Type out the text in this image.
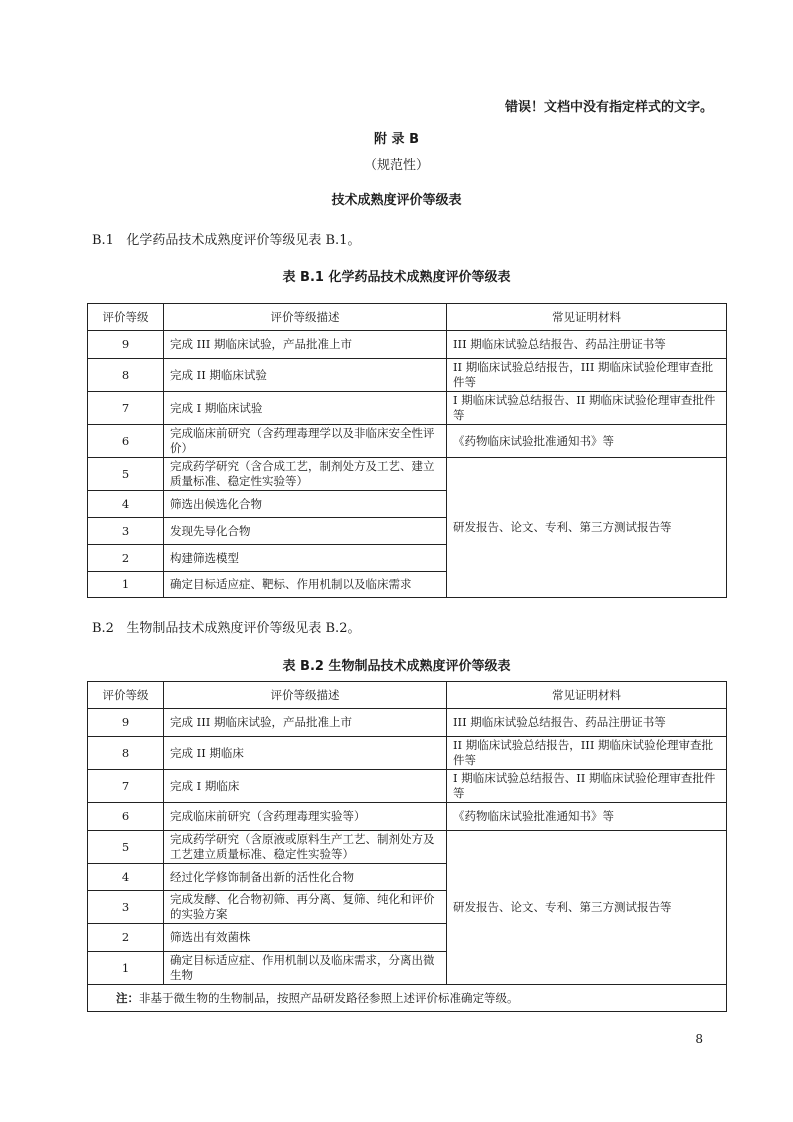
错误！文档中没有指定样式的文字。
附 录 B
（规范性）
技术成熟度评价等级表
B.1 化学药品技术成熟度评价等级见表 B.1。
表 B.1 化学药品技术成熟度评价等级表
评价等级	评价等级描述	常见证明材料
9	完成 III 期临床试验，产品批准上市	III 期临床试验总结报告、药品注册证书等
8	完成 II 期临床试验	II 期临床试验总结报告，III 期临床试验伦理审查批件等
7	完成 I 期临床试验	I 期临床试验总结报告、II 期临床试验伦理审查批件等
6	完成临床前研究（含药理毒理学以及非临床安全性评价）	《药物临床试验批准通知书》等
5	完成药学研究（含合成工艺，制剂处方及工艺、建立质量标准、稳定性实验等）	研发报告、论文、专利、第三方测试报告等
4	筛选出候选化合物	
3	发现先导化合物	
2	构建筛选模型	
1	确定目标适应症、靶标、作用机制以及临床需求	
B.2 生物制品技术成熟度评价等级见表 B.2。
表 B.2 生物制品技术成熟度评价等级表
评价等级	评价等级描述	常见证明材料
9	完成 III 期临床试验，产品批准上市	III 期临床试验总结报告、药品注册证书等
8	完成 II 期临床	II 期临床试验总结报告，III 期临床试验伦理审查批件等
7	完成 I 期临床	I 期临床试验总结报告、II 期临床试验伦理审查批件等
6	完成临床前研究（含药理毒理实验等）	《药物临床试验批准通知书》等
5	完成药学研究（含原液或原料生产工艺、制剂处方及工艺建立质量标准、稳定性实验等）	研发报告、论文、专利、第三方测试报告等
4	经过化学修饰制备出新的活性化合物	
3	完成发酵、化合物初筛、再分离、复筛、纯化和评价的实验方案	
2	筛选出有效菌株	
1	确定目标适应症、作用机制以及临床需求，分离出微生物	
注：非基于微生物的生物制品，按照产品研发路径参照上述评价标准确定等级。		
8
